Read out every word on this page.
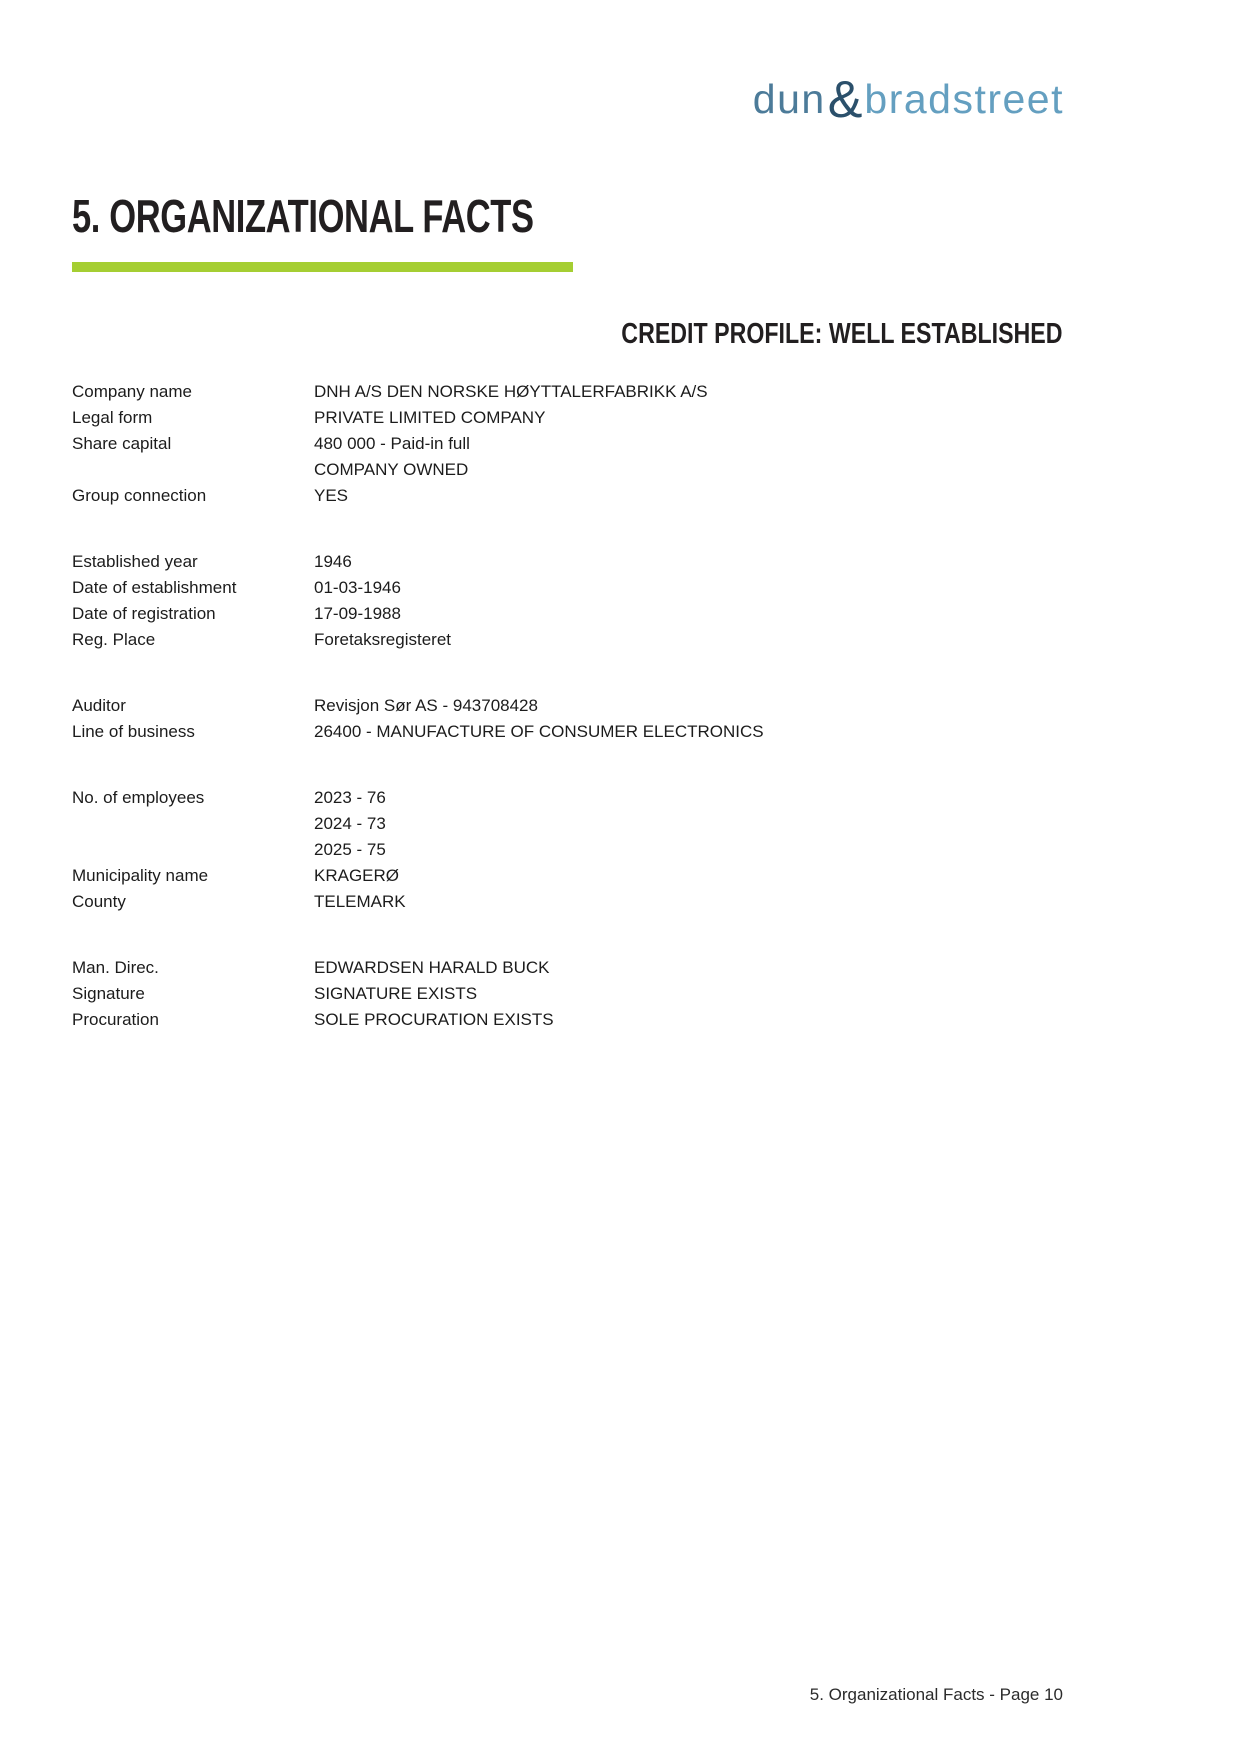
dun & bradstreet
5. ORGANIZATIONAL FACTS
CREDIT PROFILE: WELL ESTABLISHED
Company name	DNH A/S DEN NORSKE HØYTTALERFABRIKK A/S
Legal form	PRIVATE LIMITED COMPANY
Share capital	480 000 - Paid-in full
COMPANY OWNED
Group connection	YES
Established year	1946
Date of establishment	01-03-1946
Date of registration	17-09-1988
Reg. Place	Foretaksregisteret
Auditor	Revisjon Sør AS - 943708428
Line of business	26400 - MANUFACTURE OF CONSUMER ELECTRONICS
No. of employees	2023 - 76
2024 - 73
2025 - 75
Municipality name	KRAGERØ
County	TELEMARK
Man. Direc.	EDWARDSEN HARALD BUCK
Signature	SIGNATURE EXISTS
Procuration	SOLE PROCURATION EXISTS
5. Organizational Facts - Page 10
